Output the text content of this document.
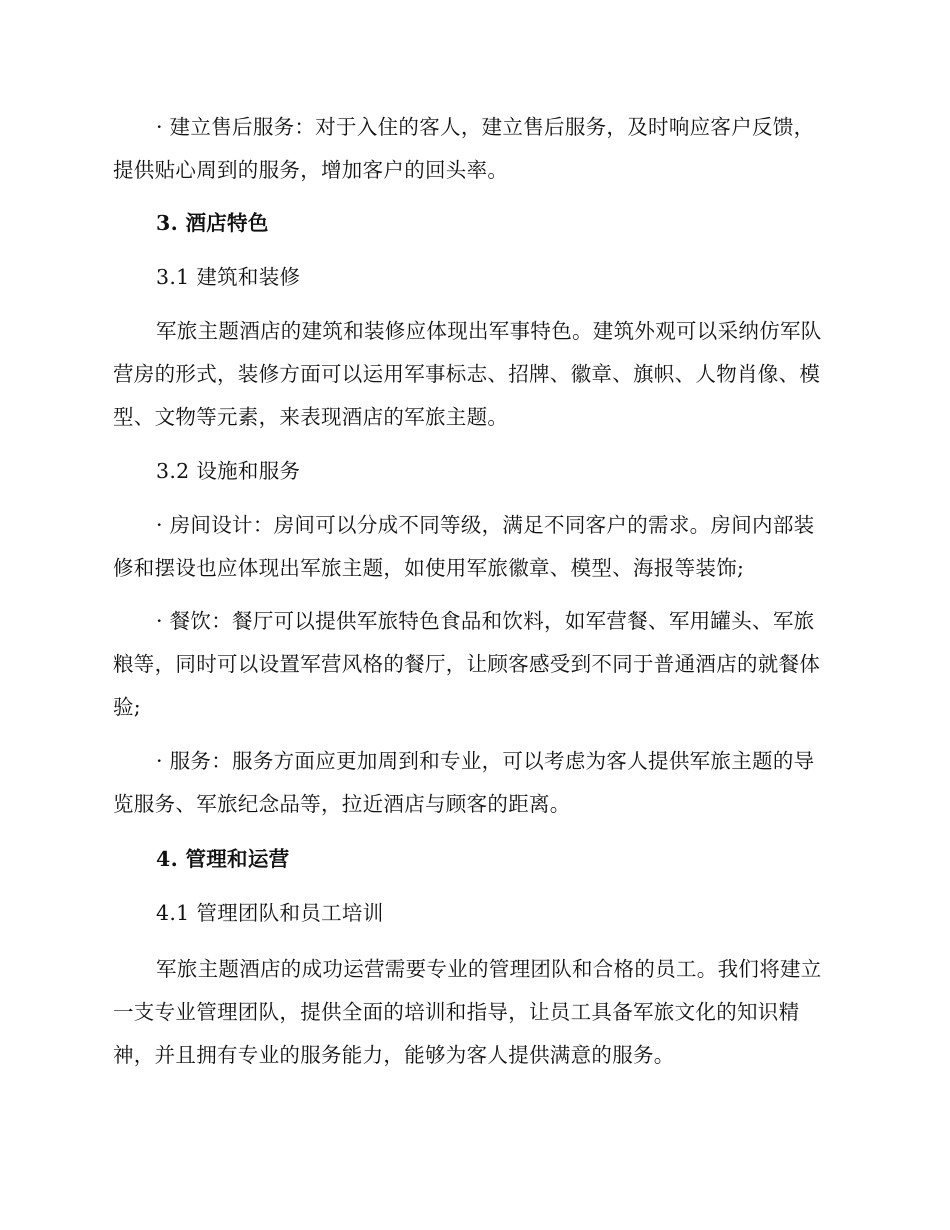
· 建立售后服务：对于入住的客人，建立售后服务，及时响应客户反馈，提供贴心周到的服务，增加客户的回头率。

3. 酒店特色

3.1 建筑和装修

军旅主题酒店的建筑和装修应体现出军事特色。建筑外观可以采纳仿军队营房的形式，装修方面可以运用军事标志、招牌、徽章、旗帜、人物肖像、模型、文物等元素，来表现酒店的军旅主题。

3.2 设施和服务

· 房间设计：房间可以分成不同等级，满足不同客户的需求。房间内部装修和摆设也应体现出军旅主题，如使用军旅徽章、模型、海报等装饰;

· 餐饮：餐厅可以提供军旅特色食品和饮料，如军营餐、军用罐头、军旅粮等，同时可以设置军营风格的餐厅，让顾客感受到不同于普通酒店的就餐体验;

· 服务：服务方面应更加周到和专业，可以考虑为客人提供军旅主题的导览服务、军旅纪念品等，拉近酒店与顾客的距离。

4. 管理和运营

4.1 管理团队和员工培训

军旅主题酒店的成功运营需要专业的管理团队和合格的员工。我们将建立一支专业管理团队，提供全面的培训和指导，让员工具备军旅文化的知识精神，并且拥有专业的服务能力，能够为客人提供满意的服务。
